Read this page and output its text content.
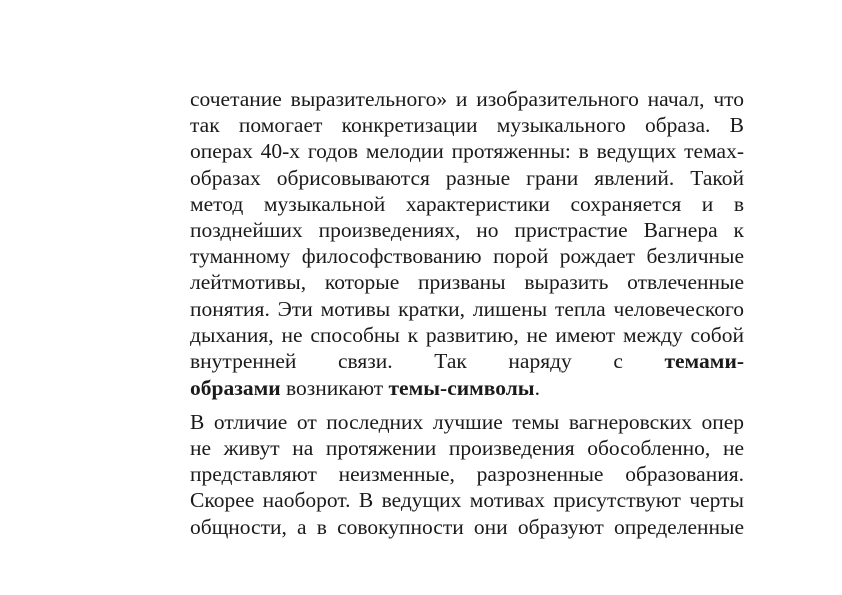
сочетание выразительного» и изобразительного начал, что
так помогает конкретизации музыкального образа. В
операх 40-х годов мелодии протяженны: в ведущих темах-
образах обрисовываются разные грани явлений. Такой
метод музыкальной характеристики сохраняется и в
позднейших произведениях, но пристрастие Вагнера к
туманному философствованию порой рождает безличные
лейтмотивы, которые призваны выразить отвлеченные
понятия. Эти мотивы кратки, лишены тепла человеческого
дыхания, не способны к развитию, не имеют между собой
внутренней связи. Так наряду с темами-
образами возникают темы-символы.
В отличие от последних лучшие темы вагнеровских опер
не живут на протяжении произведения обособленно, не
представляют неизменные, разрозненные образования.
Скорее наоборот. В ведущих мотивах присутствуют черты
общности, а в совокупности они образуют определенные
